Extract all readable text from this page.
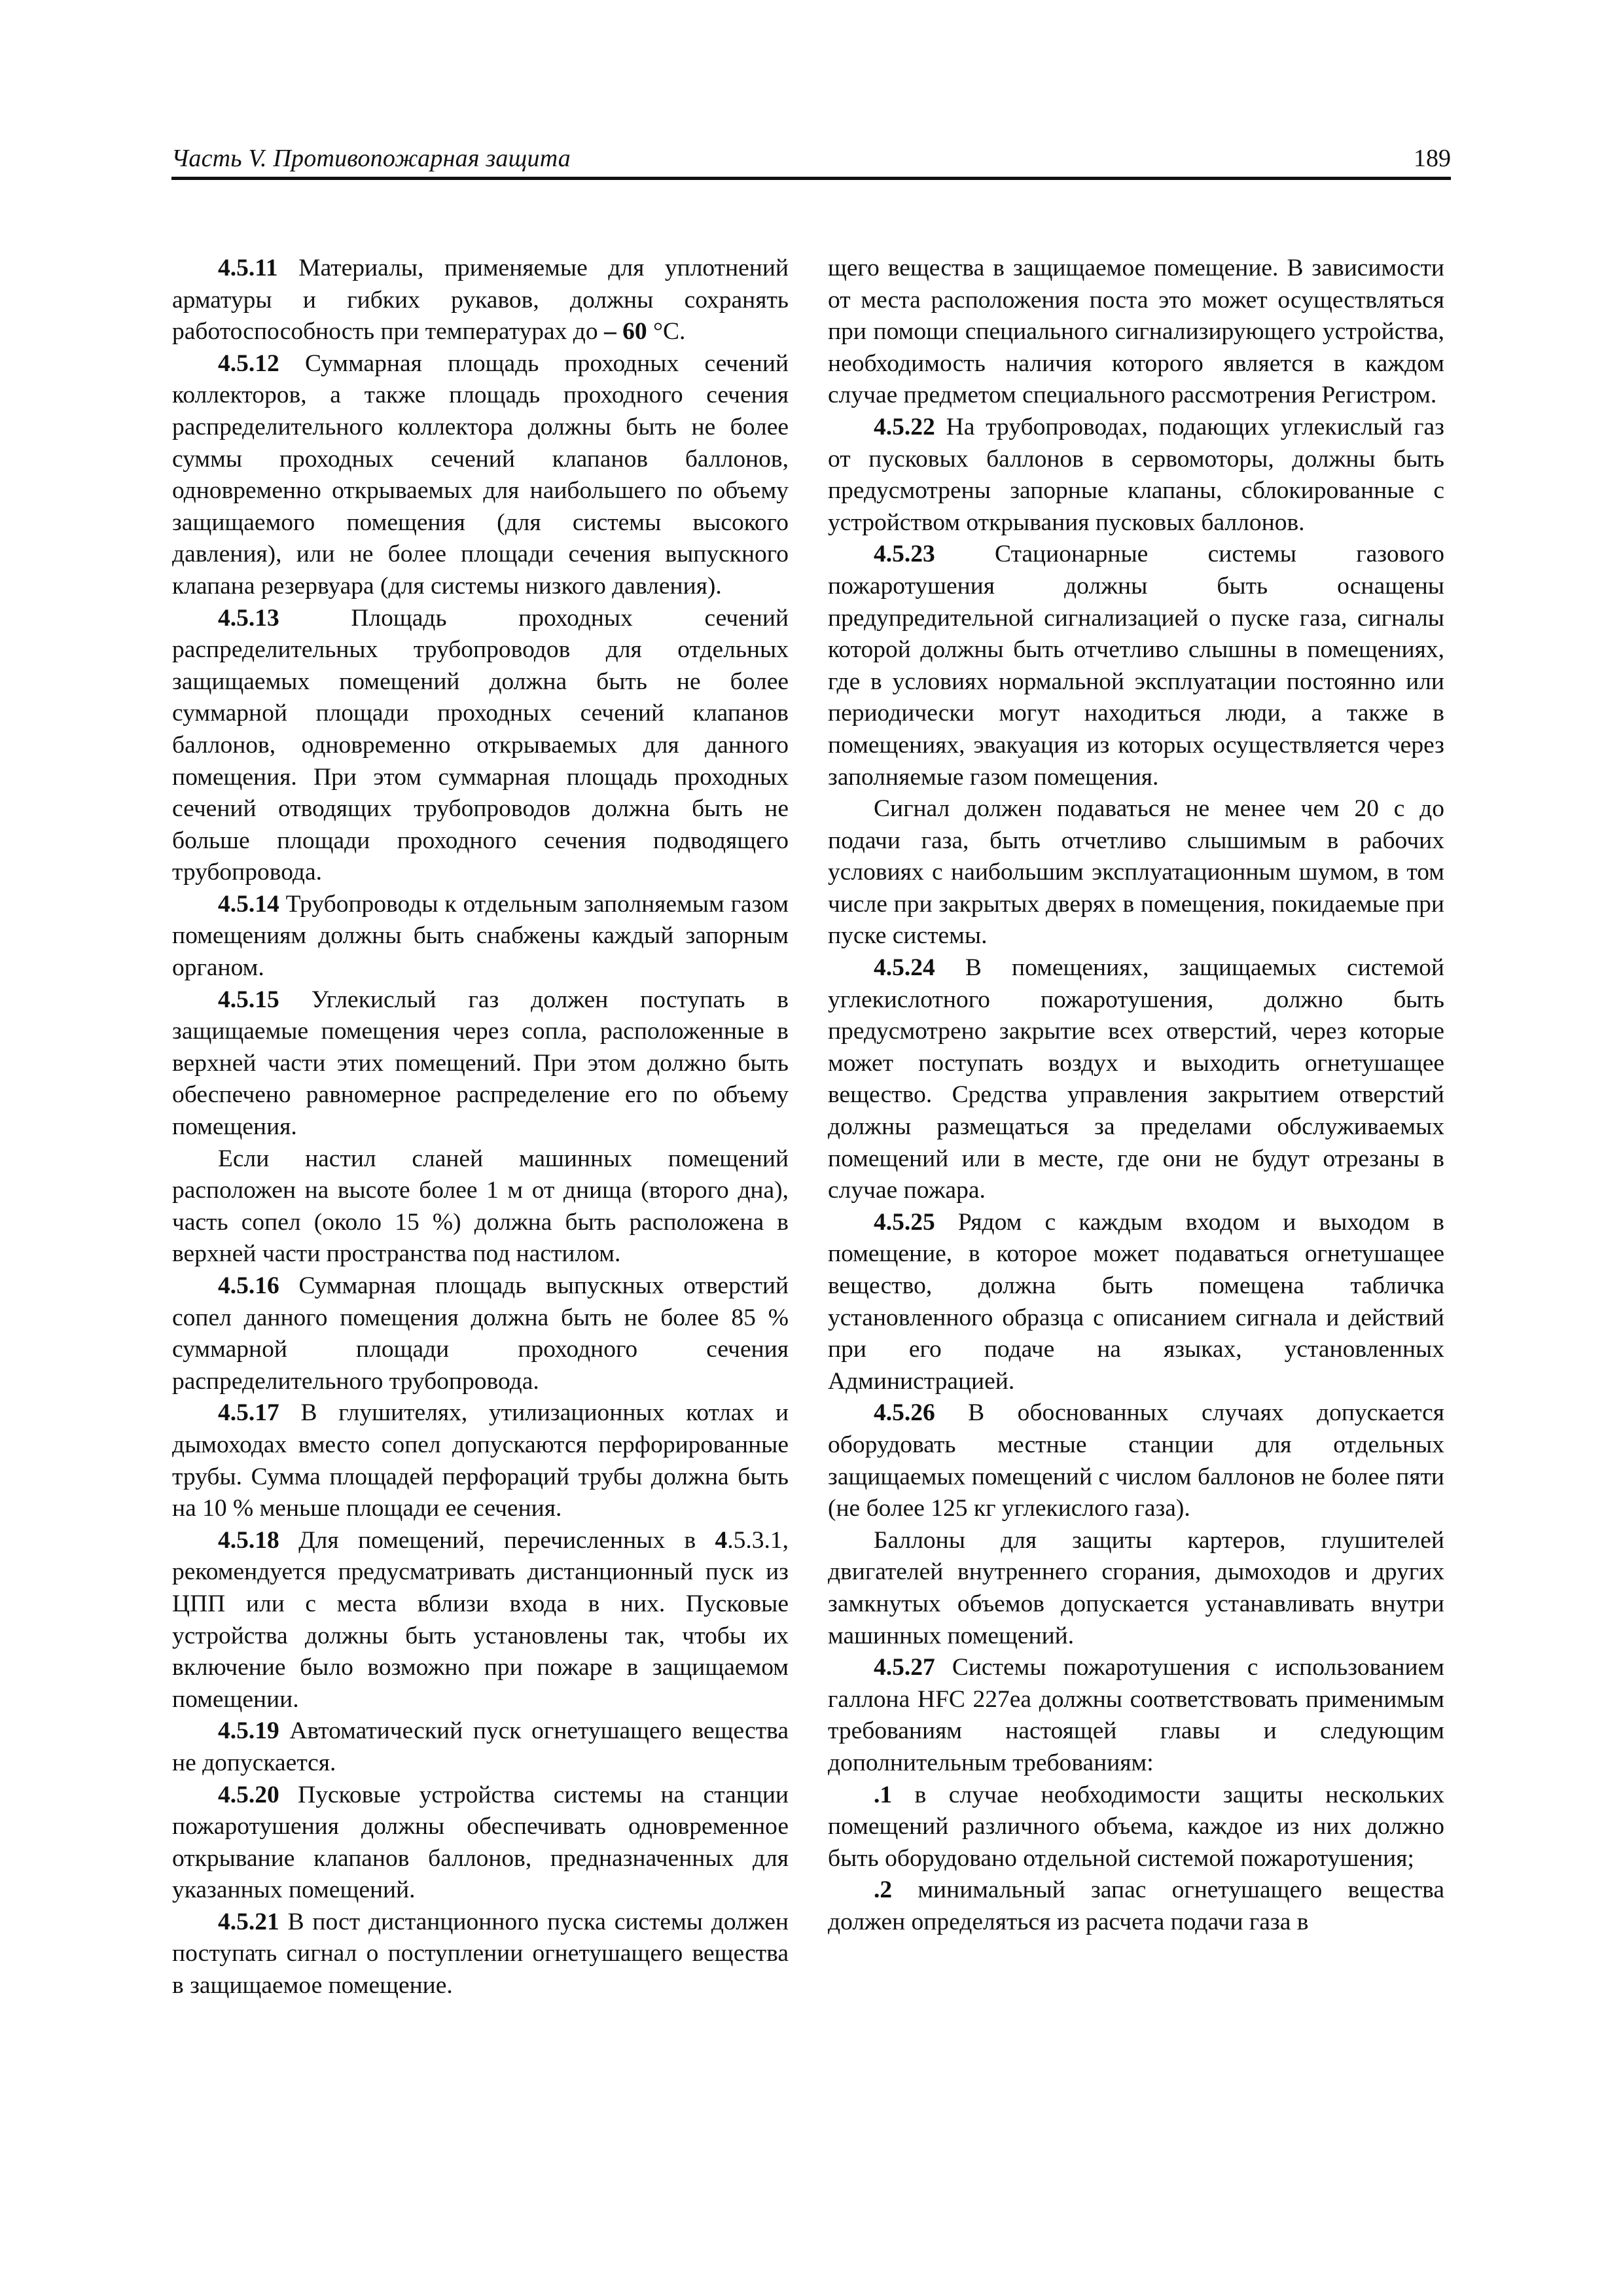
Часть V. Противопожарная защита	189

4.5.11 Материалы, применяемые для уплотнений арматуры и гибких рукавов, должны сохранять работоспособность при температурах до – 60 °С.

4.5.12 Суммарная площадь проходных сечений коллекторов, а также площадь проходного сечения распределительного коллектора должны быть не более суммы проходных сечений клапанов баллонов, одновременно открываемых для наибольшего по объему защищаемого помещения (для системы высокого давления), или не более площади сечения выпускного клапана резервуара (для системы низкого давления).

4.5.13 Площадь проходных сечений распределительных трубопроводов для отдельных защищаемых помещений должна быть не более суммарной площади проходных сечений клапанов баллонов, одновременно открываемых для данного помещения. При этом суммарная площадь проходных сечений отводящих трубопроводов должна быть не больше площади проходного сечения подводящего трубопровода.

4.5.14 Трубопроводы к отдельным заполняемым газом помещениям должны быть снабжены каждый запорным органом.

4.5.15 Углекислый газ должен поступать в защищаемые помещения через сопла, расположенные в верхней части этих помещений. При этом должно быть обеспечено равномерное распределение его по объему помещения.

Если настил сланей машинных помещений расположен на высоте более 1 м от днища (второго дна), часть сопел (около 15 %) должна быть расположена в верхней части пространства под настилом.

4.5.16 Суммарная площадь выпускных отверстий сопел данного помещения должна быть не более 85 % суммарной площади проходного сечения распределительного трубопровода.

4.5.17 В глушителях, утилизационных котлах и дымоходах вместо сопел допускаются перфорированные трубы. Сумма площадей перфораций трубы должна быть на 10 % меньше площади ее сечения.

4.5.18 Для помещений, перечисленных в 4.5.3.1, рекомендуется предусматривать дистанционный пуск из ЦПП или с места вблизи входа в них. Пусковые устройства должны быть установлены так, чтобы их включение было возможно при пожаре в защищаемом помещении.

4.5.19 Автоматический пуск огнетушащего вещества не допускается.

4.5.20 Пусковые устройства системы на станции пожаротушения должны обеспечивать одновременное открывание клапанов баллонов, предназначенных для указанных помещений.

4.5.21 В пост дистанционного пуска системы должен поступать сигнал о поступлении огнетушащего вещества в защищаемое помещение.

щего вещества в защищаемое помещение. В зависимости от места расположения поста это может осуществляться при помощи специального сигнализирующего устройства, необходимость наличия которого является в каждом случае предметом специального рассмотрения Регистром.

4.5.22 На трубопроводах, подающих углекислый газ от пусковых баллонов в сервомоторы, должны быть предусмотрены запорные клапаны, сблокированные с устройством открывания пусковых баллонов.

4.5.23 Стационарные системы газового пожаротушения должны быть оснащены предупредительной сигнализацией о пуске газа, сигналы которой должны быть отчетливо слышны в помещениях, где в условиях нормальной эксплуатации постоянно или периодически могут находиться люди, а также в помещениях, эвакуация из которых осуществляется через заполняемые газом помещения.

Сигнал должен подаваться не менее чем 20 с до подачи газа, быть отчетливо слышимым в рабочих условиях с наибольшим эксплуатационным шумом, в том числе при закрытых дверях в помещения, покидаемые при пуске системы.

4.5.24 В помещениях, защищаемых системой углекислотного пожаротушения, должно быть предусмотрено закрытие всех отверстий, через которые может поступать воздух и выходить огнетушащее вещество. Средства управления закрытием отверстий должны размещаться за пределами обслуживаемых помещений или в месте, где они не будут отрезаны в случае пожара.

4.5.25 Рядом с каждым входом и выходом в помещение, в которое может подаваться огнетушащее вещество, должна быть помещена табличка установленного образца с описанием сигнала и действий при его подаче на языках, установленных Администрацией.

4.5.26 В обоснованных случаях допускается оборудовать местные станции для отдельных защищаемых помещений с числом баллонов не более пяти (не более 125 кг углекислого газа).

Баллоны для защиты картеров, глушителей двигателей внутреннего сгорания, дымоходов и других замкнутых объемов допускается устанавливать внутри машинных помещений.

4.5.27 Системы пожаротушения с использованием галлона HFC 227ea должны соответствовать применимым требованиям настоящей главы и следующим дополнительным требованиям:

.1 в случае необходимости защиты нескольких помещений различного объема, каждое из них должно быть оборудовано отдельной системой пожаротушения;

.2 минимальный запас огнетушащего вещества должен определяться из расчета подачи газа в
